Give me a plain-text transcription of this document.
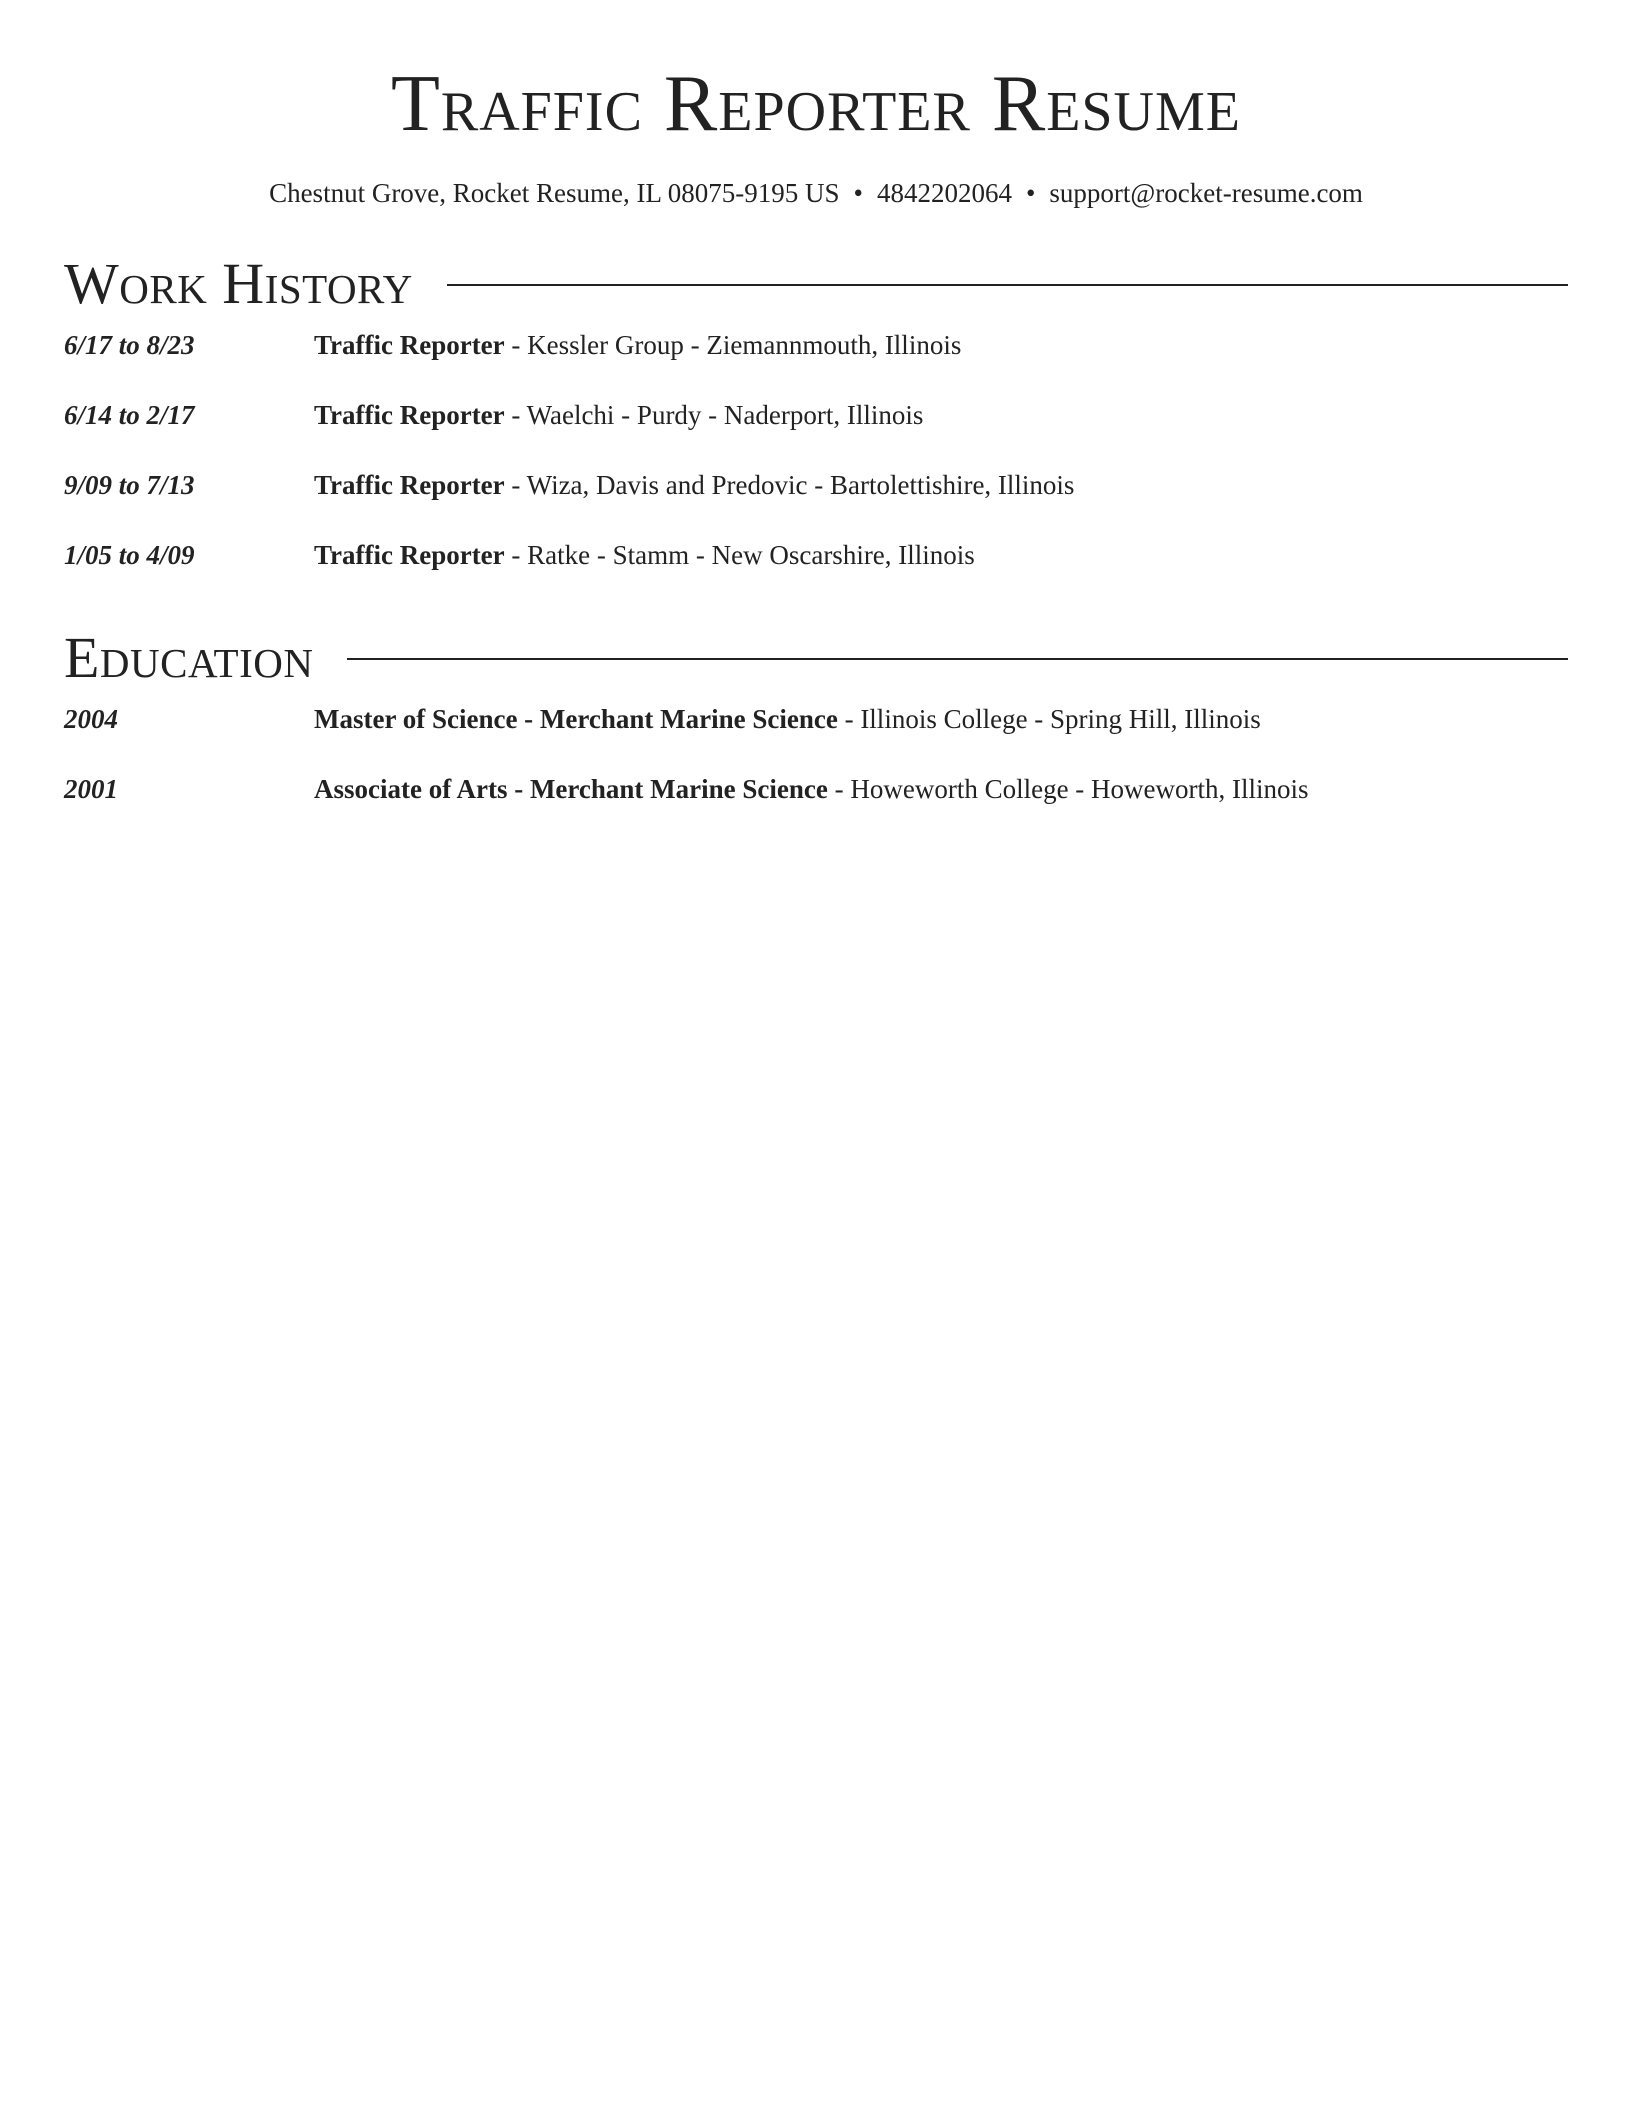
Traffic Reporter Resume
Chestnut Grove, Rocket Resume, IL 08075-9195 US • 4842202064 • support@rocket-resume.com
Work History
6/17 to 8/23	Traffic Reporter - Kessler Group - Ziemannmouth, Illinois
6/14 to 2/17	Traffic Reporter - Waelchi - Purdy - Naderport, Illinois
9/09 to 7/13	Traffic Reporter - Wiza, Davis and Predovic - Bartolettishire, Illinois
1/05 to 4/09	Traffic Reporter - Ratke - Stamm - New Oscarshire, Illinois
Education
2004	Master of Science - Merchant Marine Science - Illinois College - Spring Hill, Illinois
2001	Associate of Arts - Merchant Marine Science - Howeworth College - Howeworth, Illinois
